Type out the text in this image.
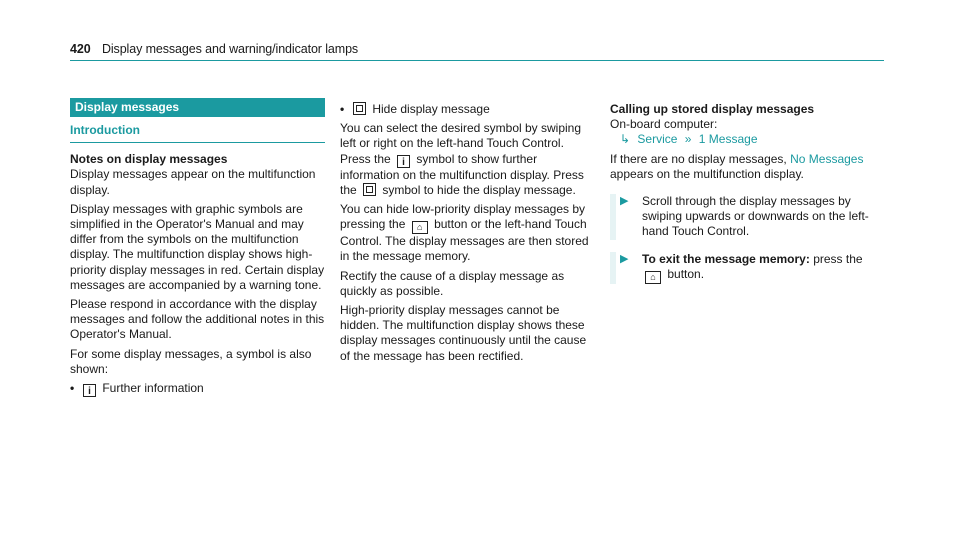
420 Display messages and warning/indicator lamps
Display messages
Introduction

Notes on display messages

Display messages appear on the multifunction display.

Display messages with graphic symbols are simplified in the Operator's Manual and may differ from the symbols on the multifunction display. The multifunction display shows high-priority display messages in red. Certain display messages are accompanied by a warning tone.

Please respond in accordance with the display messages and follow the additional notes in this Operator's Manual.

For some display messages, a symbol is also shown:

•	i Further information
•	Hide display message

You can select the desired symbol by swiping left or right on the left-hand Touch Control. Press the i symbol to show further information on the multifunction display. Press the symbol to hide the display message.

You can hide low-priority display messages by pressing the ⌂ button or the left-hand Touch Control. The display messages are then stored in the message memory.

Rectify the cause of a display message as quickly as possible.

High-priority display messages cannot be hidden. The multifunction display shows these display messages continuously until the cause of the message has been rectified.

Calling up stored display messages

On-board computer:

↳ Service » 1 Message

If there are no display messages, No Messages appears on the multifunction display.

▶	Scroll through the display messages by swiping upwards or downwards on the left-hand Touch Control.
▶	To exit the message memory: press the
⌂ button.
